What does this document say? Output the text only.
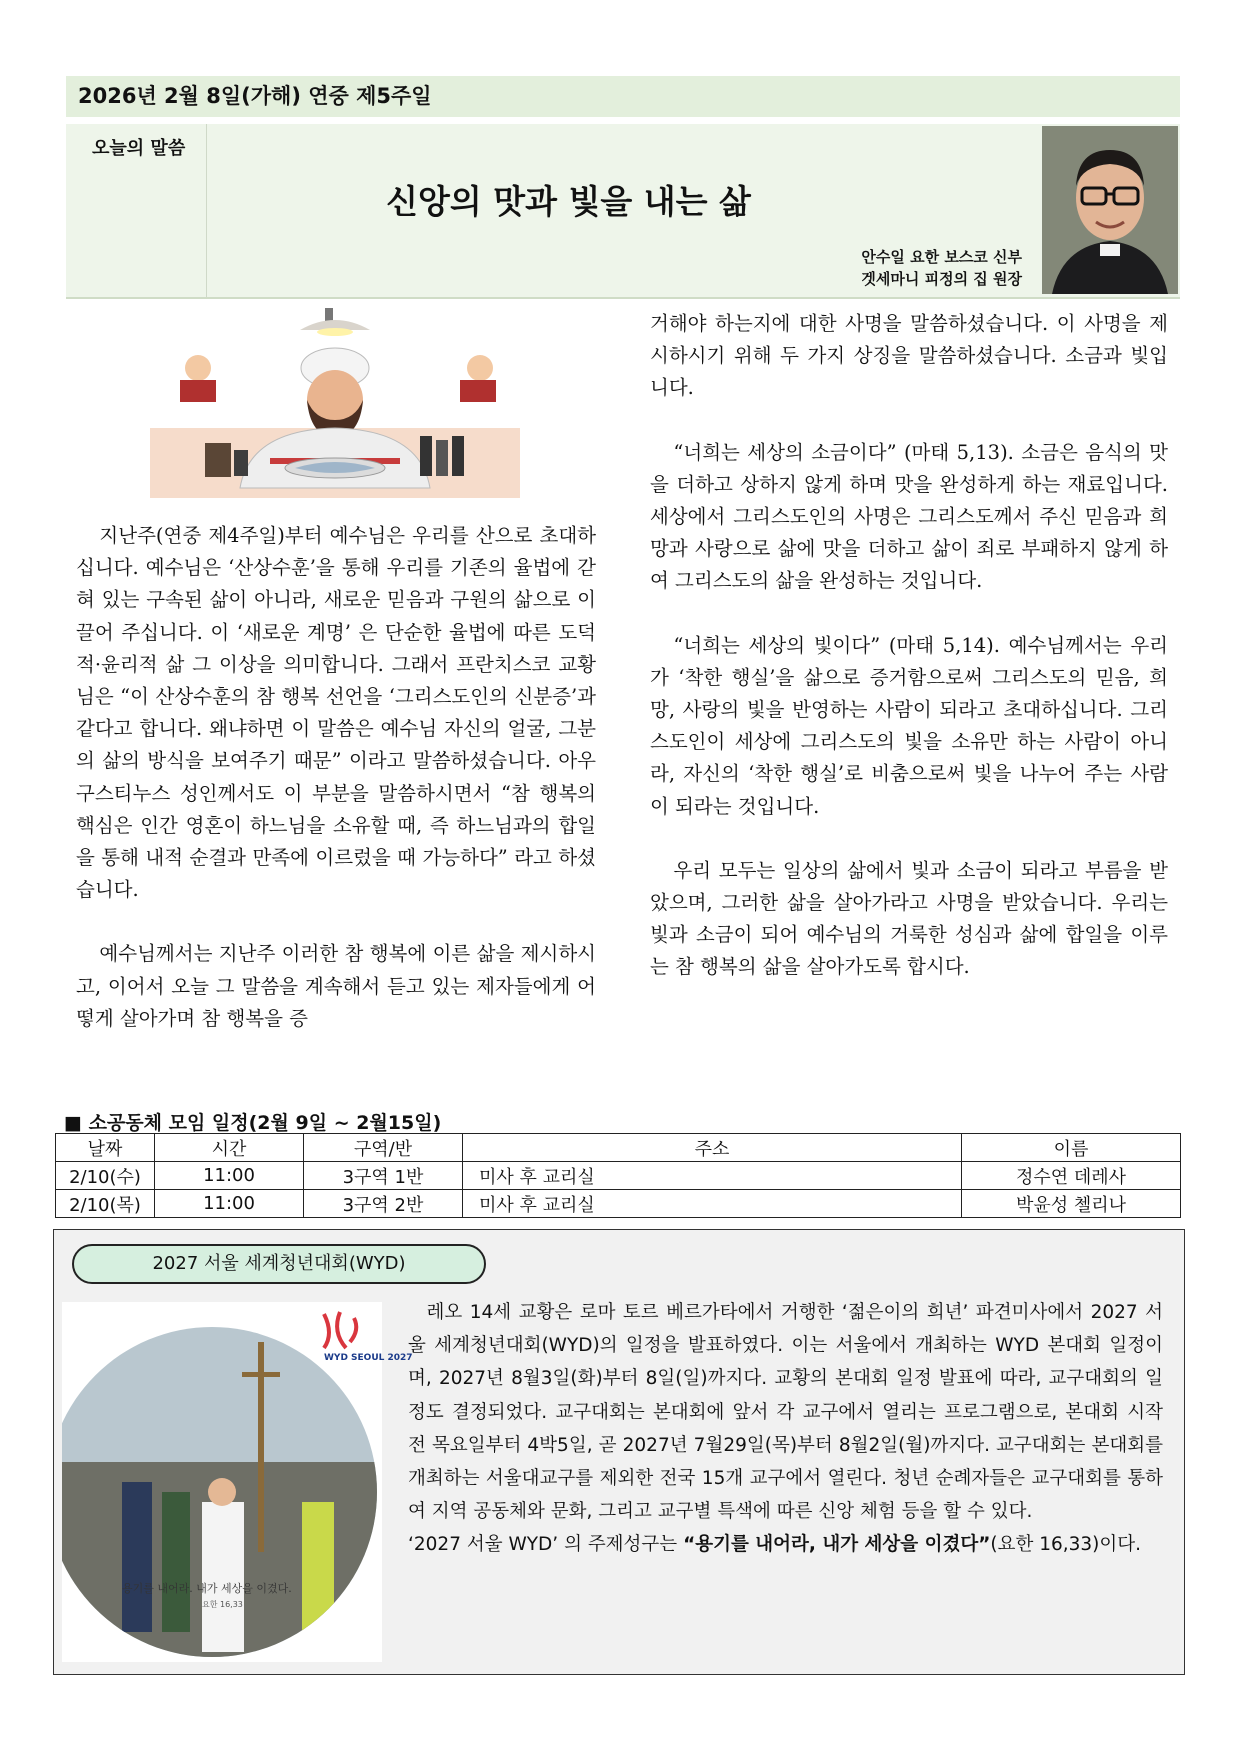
2026년 2월 8일(가해) 연중 제5주일
오늘의 말씀
신앙의 맛과 빛을 내는 삶
안수일 요한 보스코 신부
겟세마니 피정의 집 원장

지난주(연중 제4주일)부터 예수님은 우리를 산으로 초대하십니다. 예수님은 ‘산상수훈’을 통해 우리를 기존의 율법에 갇혀 있는 구속된 삶이 아니라, 새로운 믿음과 구원의 삶으로 이끌어 주십니다. 이 ‘새로운 계명’ 은 단순한 율법에 따른 도덕적·윤리적 삶 그 이상을 의미합니다. 그래서 프란치스코 교황님은 “이 산상수훈의 참 행복 선언을 ‘그리스도인의 신분증’과 같다고 합니다. 왜냐하면 이 말씀은 예수님 자신의 얼굴, 그분의 삶의 방식을 보여주기 때문” 이라고 말씀하셨습니다. 아우구스티누스 성인께서도 이 부분을 말씀하시면서 “참 행복의 핵심은 인간 영혼이 하느님을 소유할 때, 즉 하느님과의 합일을 통해 내적 순결과 만족에 이르렀을 때 가능하다” 라고 하셨습니다.

예수님께서는 지난주 이러한 참 행복에 이른 삶을 제시하시고, 이어서 오늘 그 말씀을 계속해서 듣고 있는 제자들에게 어떻게 살아가며 참 행복을 증

거해야 하는지에 대한 사명을 말씀하셨습니다. 이 사명을 제시하시기 위해 두 가지 상징을 말씀하셨습니다. 소금과 빛입니다.

“너희는 세상의 소금이다” (마태 5,13). 소금은 음식의 맛을 더하고 상하지 않게 하며 맛을 완성하게 하는 재료입니다. 세상에서 그리스도인의 사명은 그리스도께서 주신 믿음과 희망과 사랑으로 삶에 맛을 더하고 삶이 죄로 부패하지 않게 하여 그리스도의 삶을 완성하는 것입니다.

“너희는 세상의 빛이다” (마태 5,14). 예수님께서는 우리가 ‘착한 행실’을 삶으로 증거함으로써 그리스도의 믿음, 희망, 사랑의 빛을 반영하는 사람이 되라고 초대하십니다. 그리스도인이 세상에 그리스도의 빛을 소유만 하는 사람이 아니라, 자신의 ‘착한 행실’로 비춤으로써 빛을 나누어 주는 사람이 되라는 것입니다.

우리 모두는 일상의 삶에서 빛과 소금이 되라고 부름을 받았으며, 그러한 삶을 살아가라고 사명을 받았습니다. 우리는 빛과 소금이 되어 예수님의 거룩한 성심과 삶에 합일을 이루는 참 행복의 삶을 살아가도록 합시다.

■ 소공동체 모임 일정(2월 9일 ~ 2월15일)
날짜	시간	구역/반	주소	이름
2/10(수)	11:00	3구역 1반	미사 후 교리실	정수연 데레사
2/10(목)	11:00	3구역 2반	미사 후 교리실	박윤성 첼리나
2027 서울 세계청년대회(WYD)
용기를 내어라. 내가 세상을 이겼다.
요한 16,33
WYD SEOUL 2027

레오 14세 교황은 로마 토르 베르가타에서 거행한 ‘젊은이의 희년’ 파견미사에서 2027 서울 세계청년대회(WYD)의 일정을 발표하였다. 이는 서울에서 개최하는 WYD 본대회 일정이며, 2027년 8월3일(화)부터 8일(일)까지다. 교황의 본대회 일정 발표에 따라, 교구대회의 일정도 결정되었다. 교구대회는 본대회에 앞서 각 교구에서 열리는 프로그램으로, 본대회 시작 전 목요일부터 4박5일, 곧 2027년 7월29일(목)부터 8월2일(월)까지다. 교구대회는 본대회를 개최하는 서울대교구를 제외한 전국 15개 교구에서 열린다. 청년 순례자들은 교구대회를 통하여 지역 공동체와 문화, 그리고 교구별 특색에 따른 신앙 체험 등을 할 수 있다.

‘2027 서울 WYD’ 의 주제성구는 “용기를 내어라, 내가 세상을 이겼다”(요한 16,33)이다.
